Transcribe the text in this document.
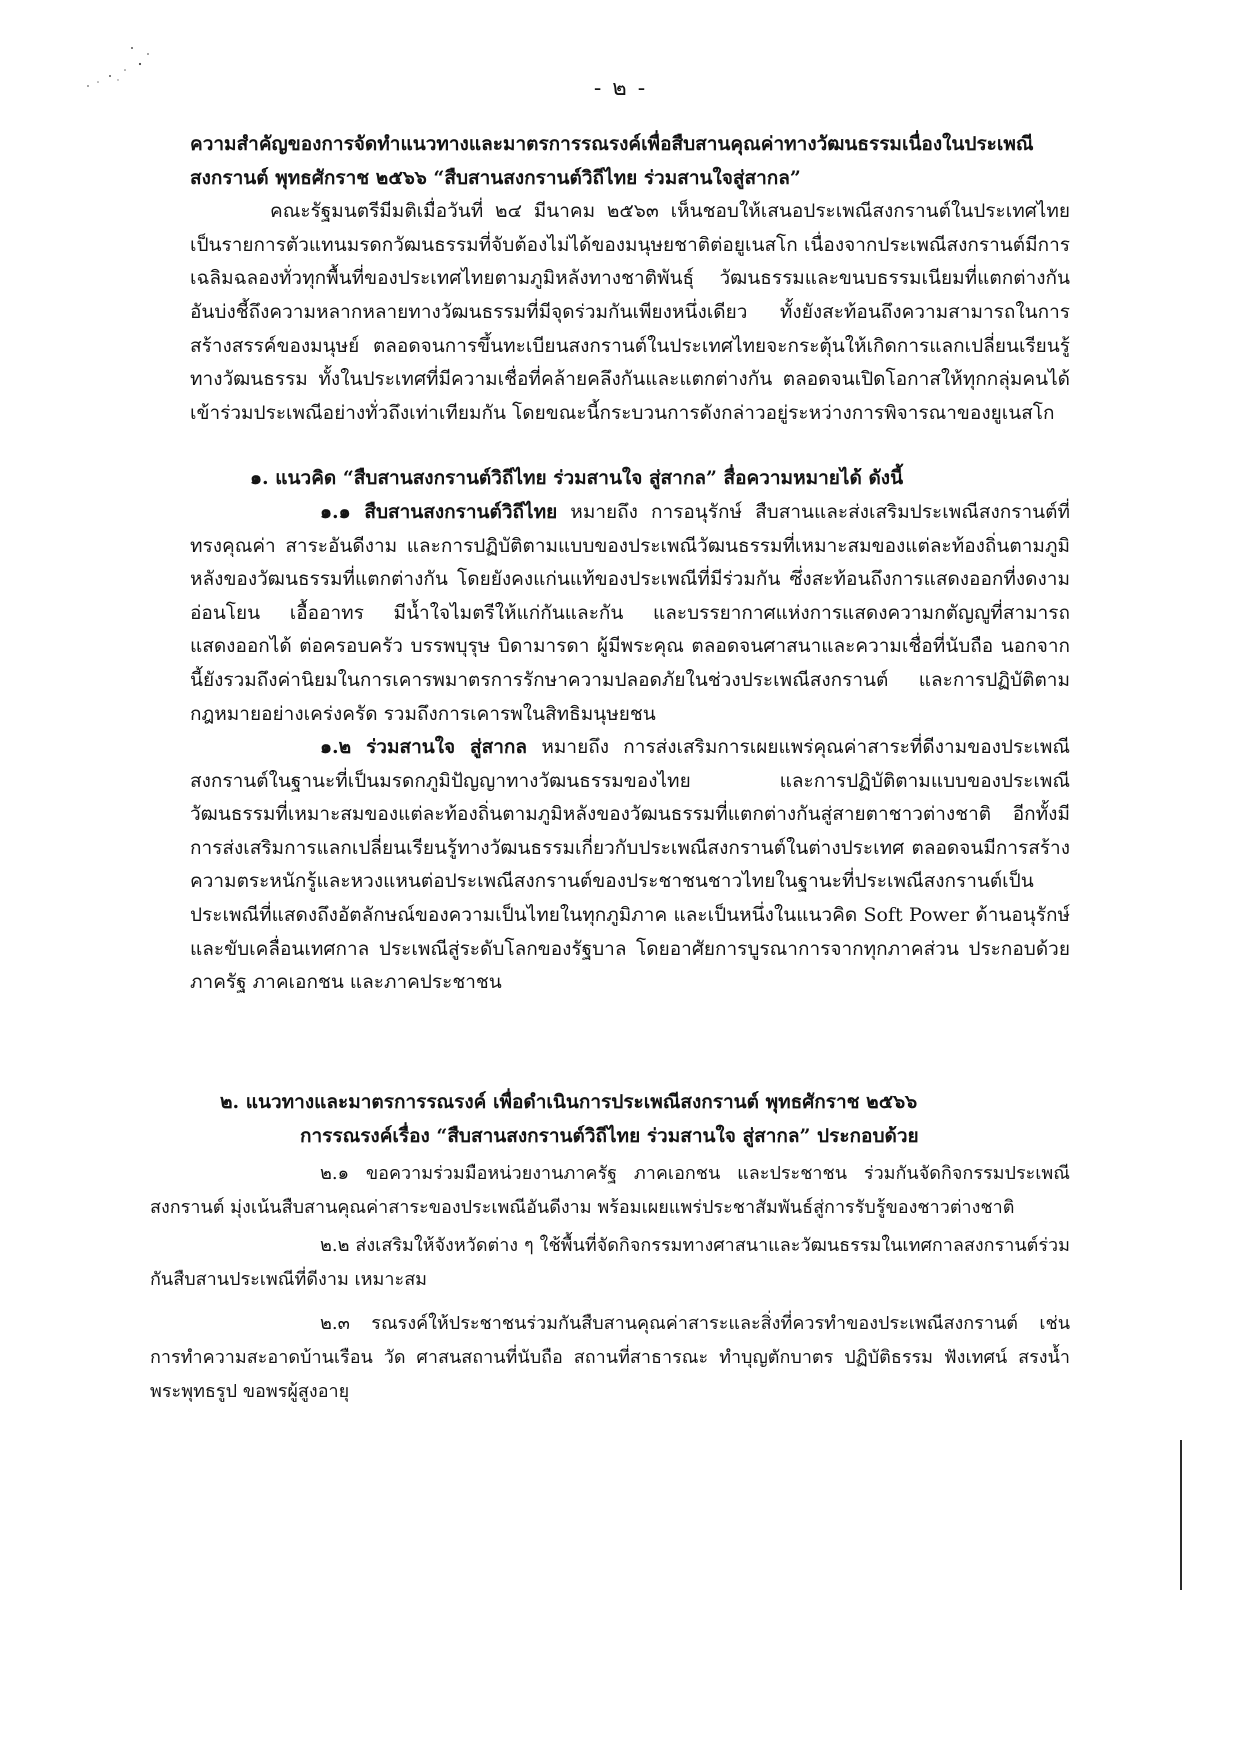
- ๒ -

ความสำคัญของการจัดทำแนวทางและมาตรการรณรงค์เพื่อสืบสานคุณค่าทางวัฒนธรรมเนื่องในประเพณีสงกรานต์ พุทธศักราช ๒๕๖๖ “สืบสานสงกรานต์วิถีไทย ร่วมสานใจสู่สากล”

คณะรัฐมนตรีมีมติเมื่อวันที่ ๒๔ มีนาคม ๒๕๖๓ เห็นชอบให้เสนอประเพณีสงกรานต์ในประเทศไทย เป็นรายการตัวแทนมรดกวัฒนธรรมที่จับต้องไม่ได้ของมนุษยชาติต่อยูเนสโก เนื่องจากประเพณีสงกรานต์มีการเฉลิมฉลองทั่วทุกพื้นที่ของประเทศไทยตามภูมิหลังทางชาติพันธุ์ วัฒนธรรมและขนบธรรมเนียมที่แตกต่างกัน อันบ่งชี้ถึงความหลากหลายทางวัฒนธรรมที่มีจุดร่วมกันเพียงหนึ่งเดียว ทั้งยังสะท้อนถึงความสามารถในการสร้างสรรค์ของมนุษย์ ตลอดจนการขึ้นทะเบียนสงกรานต์ในประเทศไทยจะกระตุ้นให้เกิดการแลกเปลี่ยนเรียนรู้ทางวัฒนธรรม ทั้งในประเทศที่มีความเชื่อที่คล้ายคลึงกันและแตกต่างกัน ตลอดจนเปิดโอกาสให้ทุกกลุ่มคนได้เข้าร่วมประเพณีอย่างทั่วถึงเท่าเทียมกัน โดยขณะนี้กระบวนการดังกล่าวอยู่ระหว่างการพิจารณาของยูเนสโก

๑. แนวคิด “สืบสานสงกรานต์วิถีไทย ร่วมสานใจ สู่สากล” สื่อความหมายได้ ดังนี้

๑.๑ สืบสานสงกรานต์วิถีไทย หมายถึง การอนุรักษ์ สืบสานและส่งเสริมประเพณีสงกรานต์ที่ทรงคุณค่า สาระอันดีงาม และการปฏิบัติตามแบบของประเพณีวัฒนธรรมที่เหมาะสมของแต่ละท้องถิ่นตามภูมิหลังของวัฒนธรรมที่แตกต่างกัน โดยยังคงแก่นแท้ของประเพณีที่มีร่วมกัน ซึ่งสะท้อนถึงการแสดงออกที่งดงาม อ่อนโยน เอื้ออาทร มีน้ำใจไมตรีให้แก่กันและกัน และบรรยากาศแห่งการแสดงความกตัญญูที่สามารถแสดงออกได้ ต่อครอบครัว บรรพบุรุษ บิดามารดา ผู้มีพระคุณ ตลอดจนศาสนาและความเชื่อที่นับถือ นอกจากนี้ยังรวมถึงค่านิยมในการเคารพมาตรการรักษาความปลอดภัยในช่วงประเพณีสงกรานต์ และการปฏิบัติตามกฎหมายอย่างเคร่งครัด รวมถึงการเคารพในสิทธิมนุษยชน

๑.๒ ร่วมสานใจ สู่สากล หมายถึง การส่งเสริมการเผยแพร่คุณค่าสาระที่ดีงามของประเพณีสงกรานต์ในฐานะที่เป็นมรดกภูมิปัญญาทางวัฒนธรรมของไทย และการปฏิบัติตามแบบของประเพณีวัฒนธรรมที่เหมาะสมของแต่ละท้องถิ่นตามภูมิหลังของวัฒนธรรมที่แตกต่างกันสู่สายตาชาวต่างชาติ อีกทั้งมีการส่งเสริมการแลกเปลี่ยนเรียนรู้ทางวัฒนธรรมเกี่ยวกับประเพณีสงกรานต์ในต่างประเทศ ตลอดจนมีการสร้างความตระหนักรู้และหวงแหนต่อประเพณีสงกรานต์ของประชาชนชาวไทยในฐานะที่ประเพณีสงกรานต์เป็นประเพณีที่แสดงถึงอัตลักษณ์ของความเป็นไทยในทุกภูมิภาค และเป็นหนึ่งในแนวคิด Soft Power ด้านอนุรักษ์และขับเคลื่อนเทศกาล ประเพณีสู่ระดับโลกของรัฐบาล โดยอาศัยการบูรณาการจากทุกภาคส่วน ประกอบด้วย ภาครัฐ ภาคเอกชน และภาคประชาชน

๒. แนวทางและมาตรการรณรงค์ เพื่อดำเนินการประเพณีสงกรานต์ พุทธศักราช ๒๕๖๖

การรณรงค์เรื่อง “สืบสานสงกรานต์วิถีไทย ร่วมสานใจ สู่สากล” ประกอบด้วย

๒.๑ ขอความร่วมมือหน่วยงานภาครัฐ ภาคเอกชน และประชาชน ร่วมกันจัดกิจกรรมประเพณีสงกรานต์ มุ่งเน้นสืบสานคุณค่าสาระของประเพณีอันดีงาม พร้อมเผยแพร่ประชาสัมพันธ์สู่การรับรู้ของชาวต่างชาติ

๒.๒ ส่งเสริมให้จังหวัดต่าง ๆ ใช้พื้นที่จัดกิจกรรมทางศาสนาและวัฒนธรรมในเทศกาลสงกรานต์ร่วมกันสืบสานประเพณีที่ดีงาม เหมาะสม

๒.๓ รณรงค์ให้ประชาชนร่วมกันสืบสานคุณค่าสาระและสิ่งที่ควรทำของประเพณีสงกรานต์ เช่น การทำความสะอาดบ้านเรือน วัด ศาสนสถานที่นับถือ สถานที่สาธารณะ ทำบุญตักบาตร ปฏิบัติธรรม ฟังเทศน์ สรงน้ำพระพุทธรูป ขอพรผู้สูงอายุ
